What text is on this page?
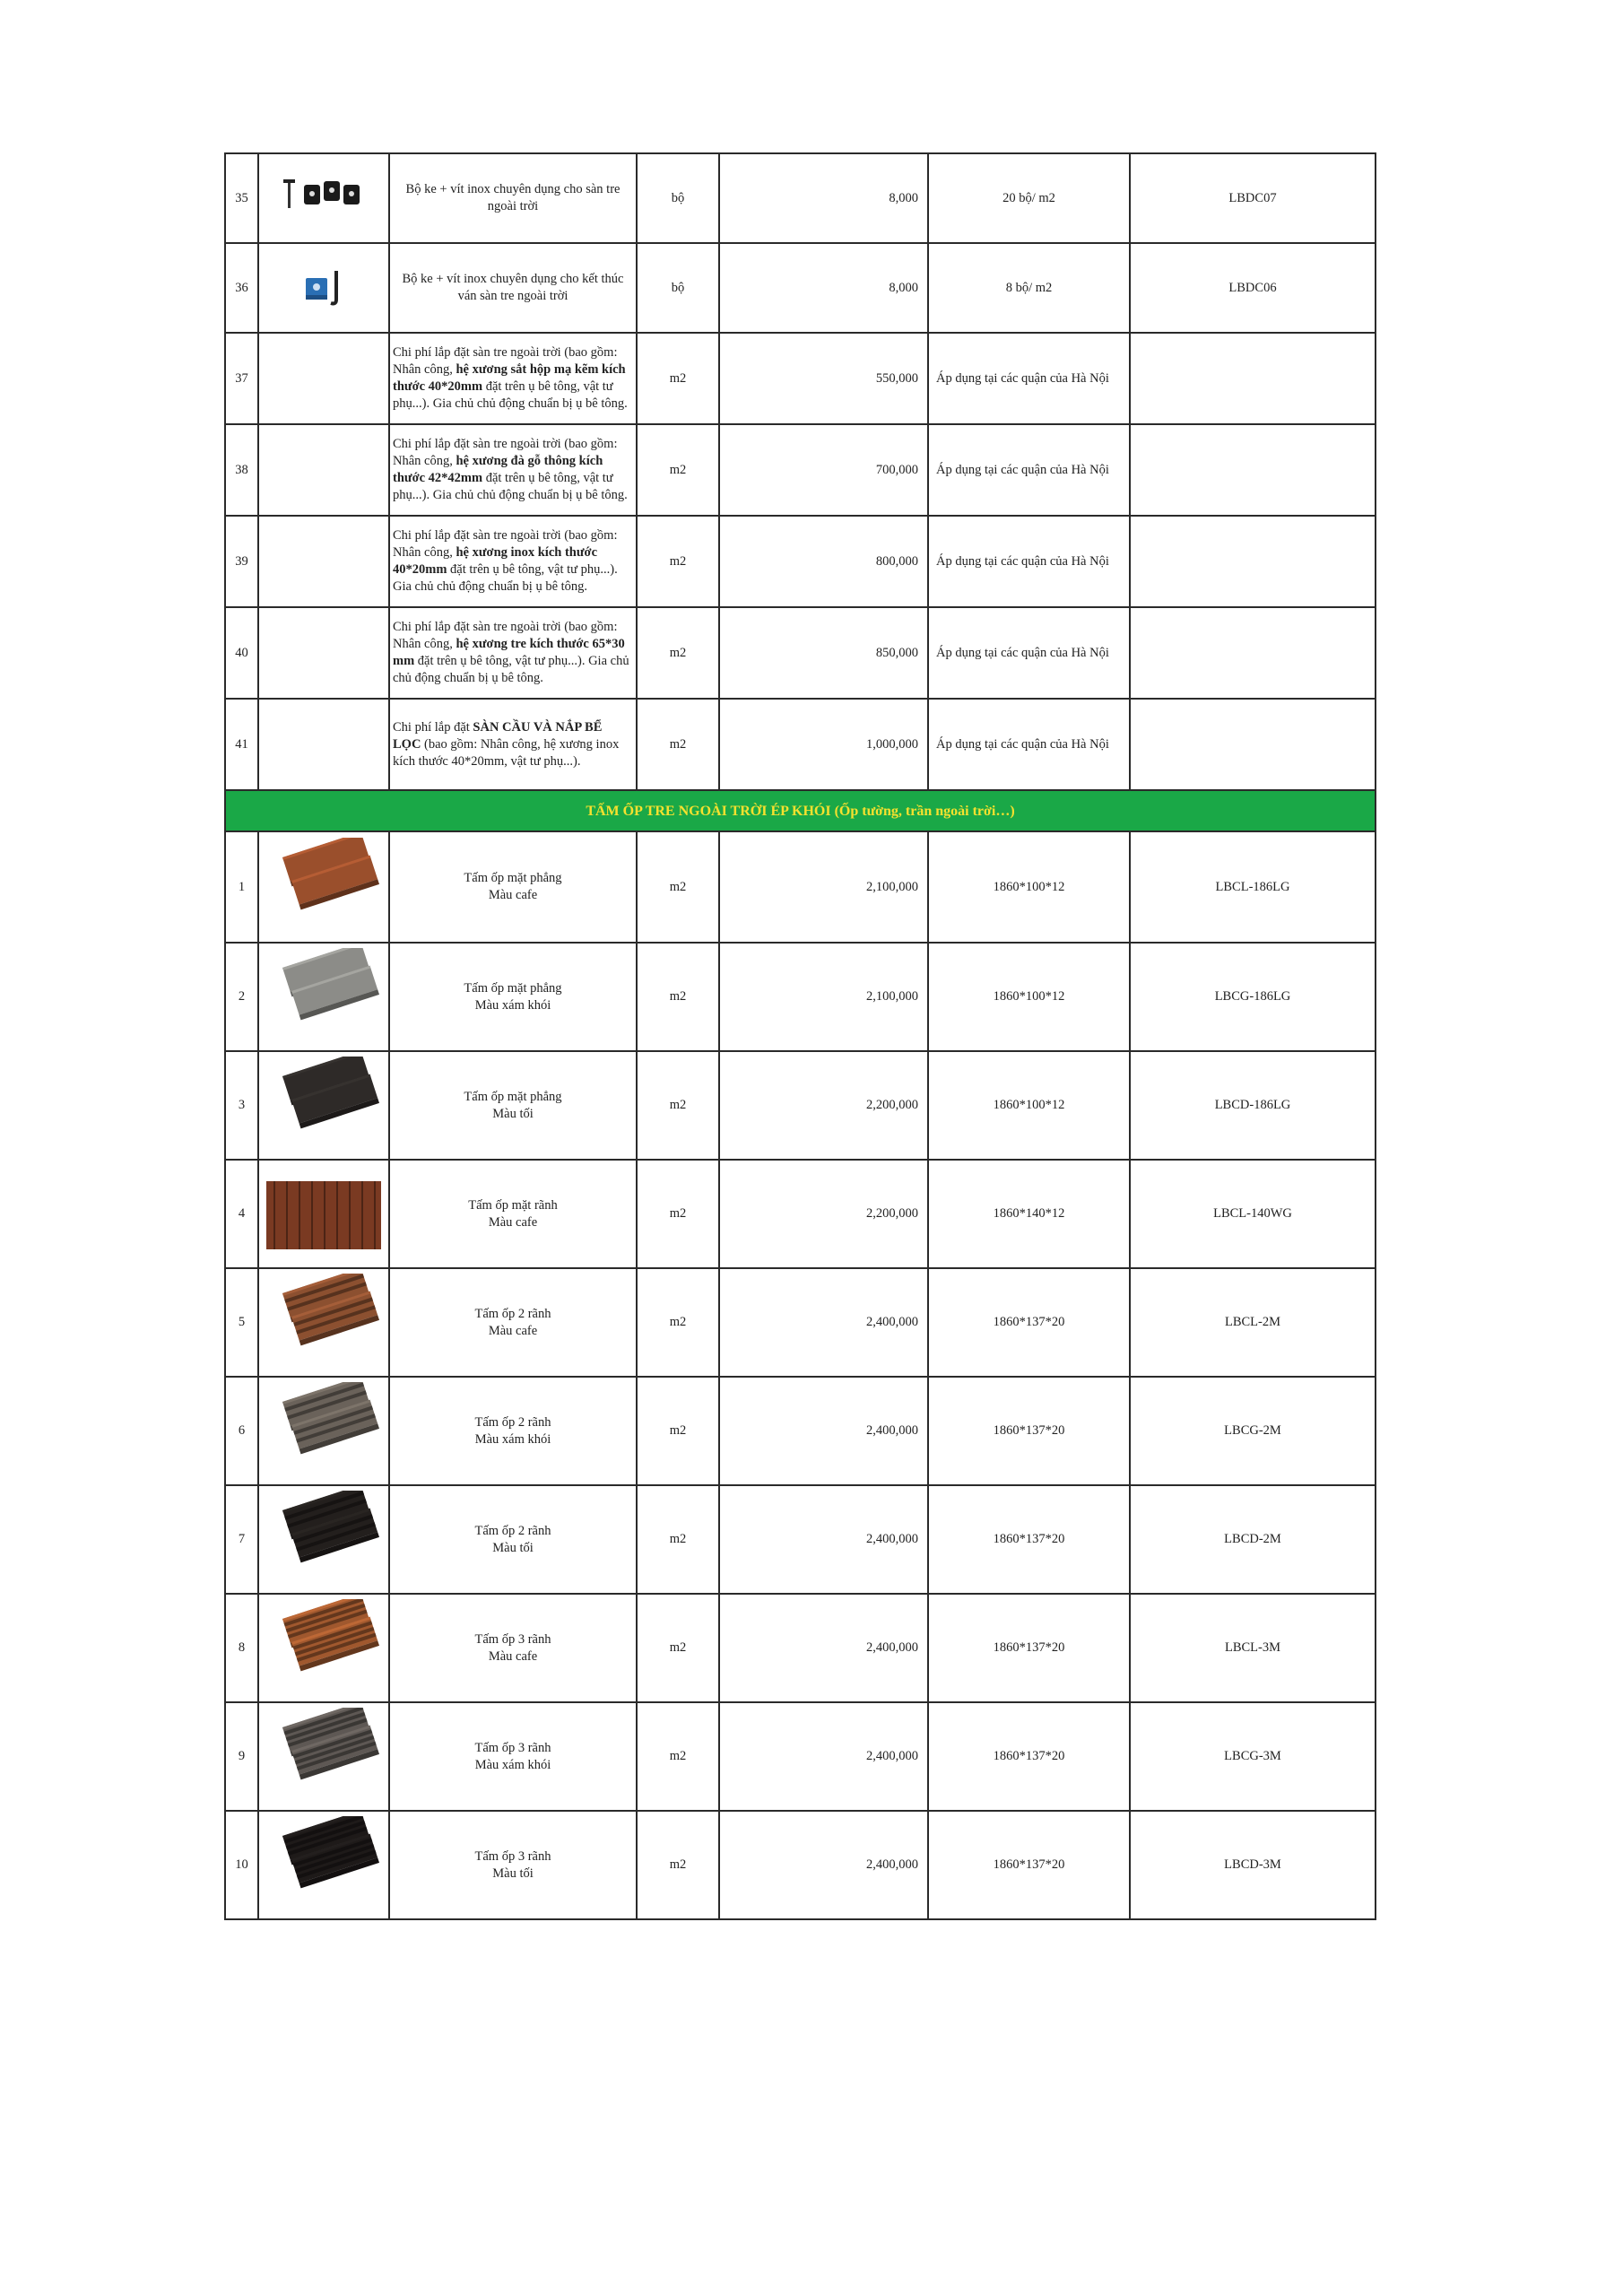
35		Bộ ke + vít inox chuyên dụng cho sàn tre
ngoài trời	bộ	8,000	20 bộ/ m2	LBDC07
36		Bộ ke + vít inox chuyên dụng cho kết thúc
ván sàn tre ngoài trời	bộ	8,000	8 bộ/ m2	LBDC06
37		Chi phí lắp đặt sàn tre ngoài trời (bao gồm: Nhân công, hệ xương sắt hộp mạ kẽm kích thước 40*20mm đặt trên ụ bê tông, vật tư phụ...). Gia chủ chủ động chuẩn bị ụ bê tông.	m2	550,000	Áp dụng tại các quận của Hà Nội	
38		Chi phí lắp đặt sàn tre ngoài trời (bao gồm: Nhân công, hệ xương đà gỗ thông kích thước 42*42mm đặt trên ụ bê tông, vật tư phụ...). Gia chủ chủ động chuẩn bị ụ bê tông.	m2	700,000	Áp dụng tại các quận của Hà Nội	
39		Chi phí lắp đặt sàn tre ngoài trời (bao gồm: Nhân công, hệ xương inox kích thước 40*20mm đặt trên ụ bê tông, vật tư phụ...). Gia chủ chủ động chuẩn bị ụ bê tông.	m2	800,000	Áp dụng tại các quận của Hà Nội	
40		Chi phí lắp đặt sàn tre ngoài trời (bao gồm: Nhân công, hệ xương tre kích thước 65*30 mm đặt trên ụ bê tông, vật tư phụ...). Gia chủ chủ động chuẩn bị ụ bê tông.	m2	850,000	Áp dụng tại các quận của Hà Nội	
41		Chi phí lắp đặt SÀN CẦU VÀ NẮP BỂ LỌC (bao gồm: Nhân công, hệ xương inox kích thước 40*20mm, vật tư phụ...).	m2	1,000,000	Áp dụng tại các quận của Hà Nội	
TẤM ỐP TRE NGOÀI TRỜI ÉP KHÓI (Ốp tường, trần ngoài trời…)						
1		Tấm ốp mặt phẳng
Màu cafe	m2	2,100,000	1860*100*12	LBCL-186LG
2		Tấm ốp mặt phẳng
Màu xám khói	m2	2,100,000	1860*100*12	LBCG-186LG
3		Tấm ốp mặt phẳng
Màu tối	m2	2,200,000	1860*100*12	LBCD-186LG
4		Tấm ốp mặt rãnh
Màu cafe	m2	2,200,000	1860*140*12	LBCL-140WG
5		Tấm ốp 2 rãnh
Màu cafe	m2	2,400,000	1860*137*20	LBCL-2M
6		Tấm ốp 2 rãnh
Màu xám khói	m2	2,400,000	1860*137*20	LBCG-2M
7		Tấm ốp 2 rãnh
Màu tối	m2	2,400,000	1860*137*20	LBCD-2M
8		Tấm ốp 3 rãnh
Màu cafe	m2	2,400,000	1860*137*20	LBCL-3M
9		Tấm ốp 3 rãnh
Màu xám khói	m2	2,400,000	1860*137*20	LBCG-3M
10		Tấm ốp 3 rãnh
Màu tối	m2	2,400,000	1860*137*20	LBCD-3M
